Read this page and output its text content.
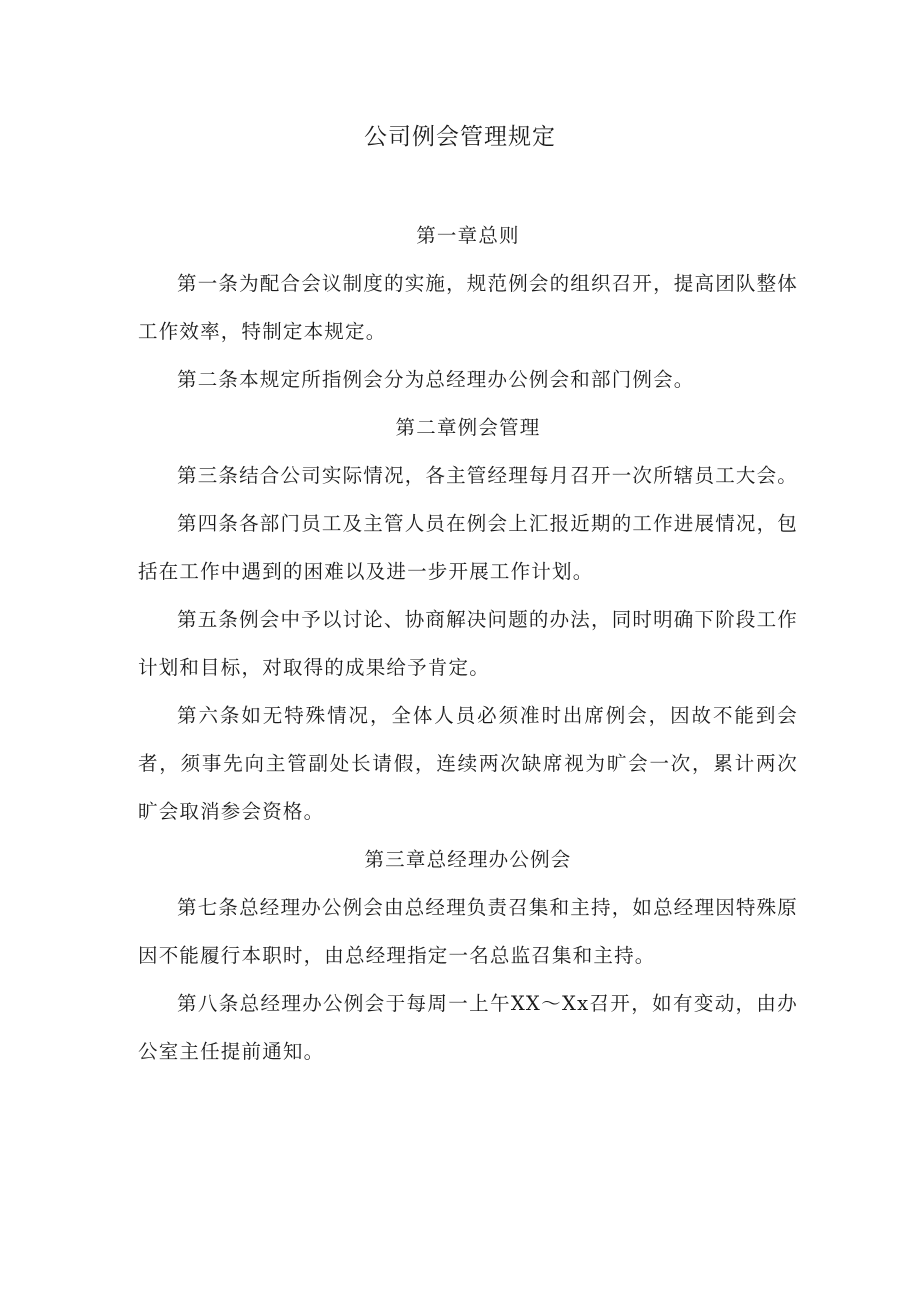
公司例会管理规定
第一章总则

第一条为配合会议制度的实施，规范例会的组织召开，提高团队整体工作效率，特制定本规定。

第二条本规定所指例会分为总经理办公例会和部门例会。

第二章例会管理

第三条结合公司实际情况，各主管经理每月召开一次所辖员工大会。

第四条各部门员工及主管人员在例会上汇报近期的工作进展情况，包括在工作中遇到的困难以及进一步开展工作计划。

第五条例会中予以讨论、协商解决问题的办法，同时明确下阶段工作计划和目标，对取得的成果给予肯定。

第六条如无特殊情况，全体人员必须准时出席例会，因故不能到会者，须事先向主管副处长请假，连续两次缺席视为旷会一次，累计两次旷会取消参会资格。

第三章总经理办公例会

第七条总经理办公例会由总经理负责召集和主持，如总经理因特殊原因不能履行本职时，由总经理指定一名总监召集和主持。

第八条总经理办公例会于每周一上午XX～Xx召开，如有变动，由办公室主任提前通知。
